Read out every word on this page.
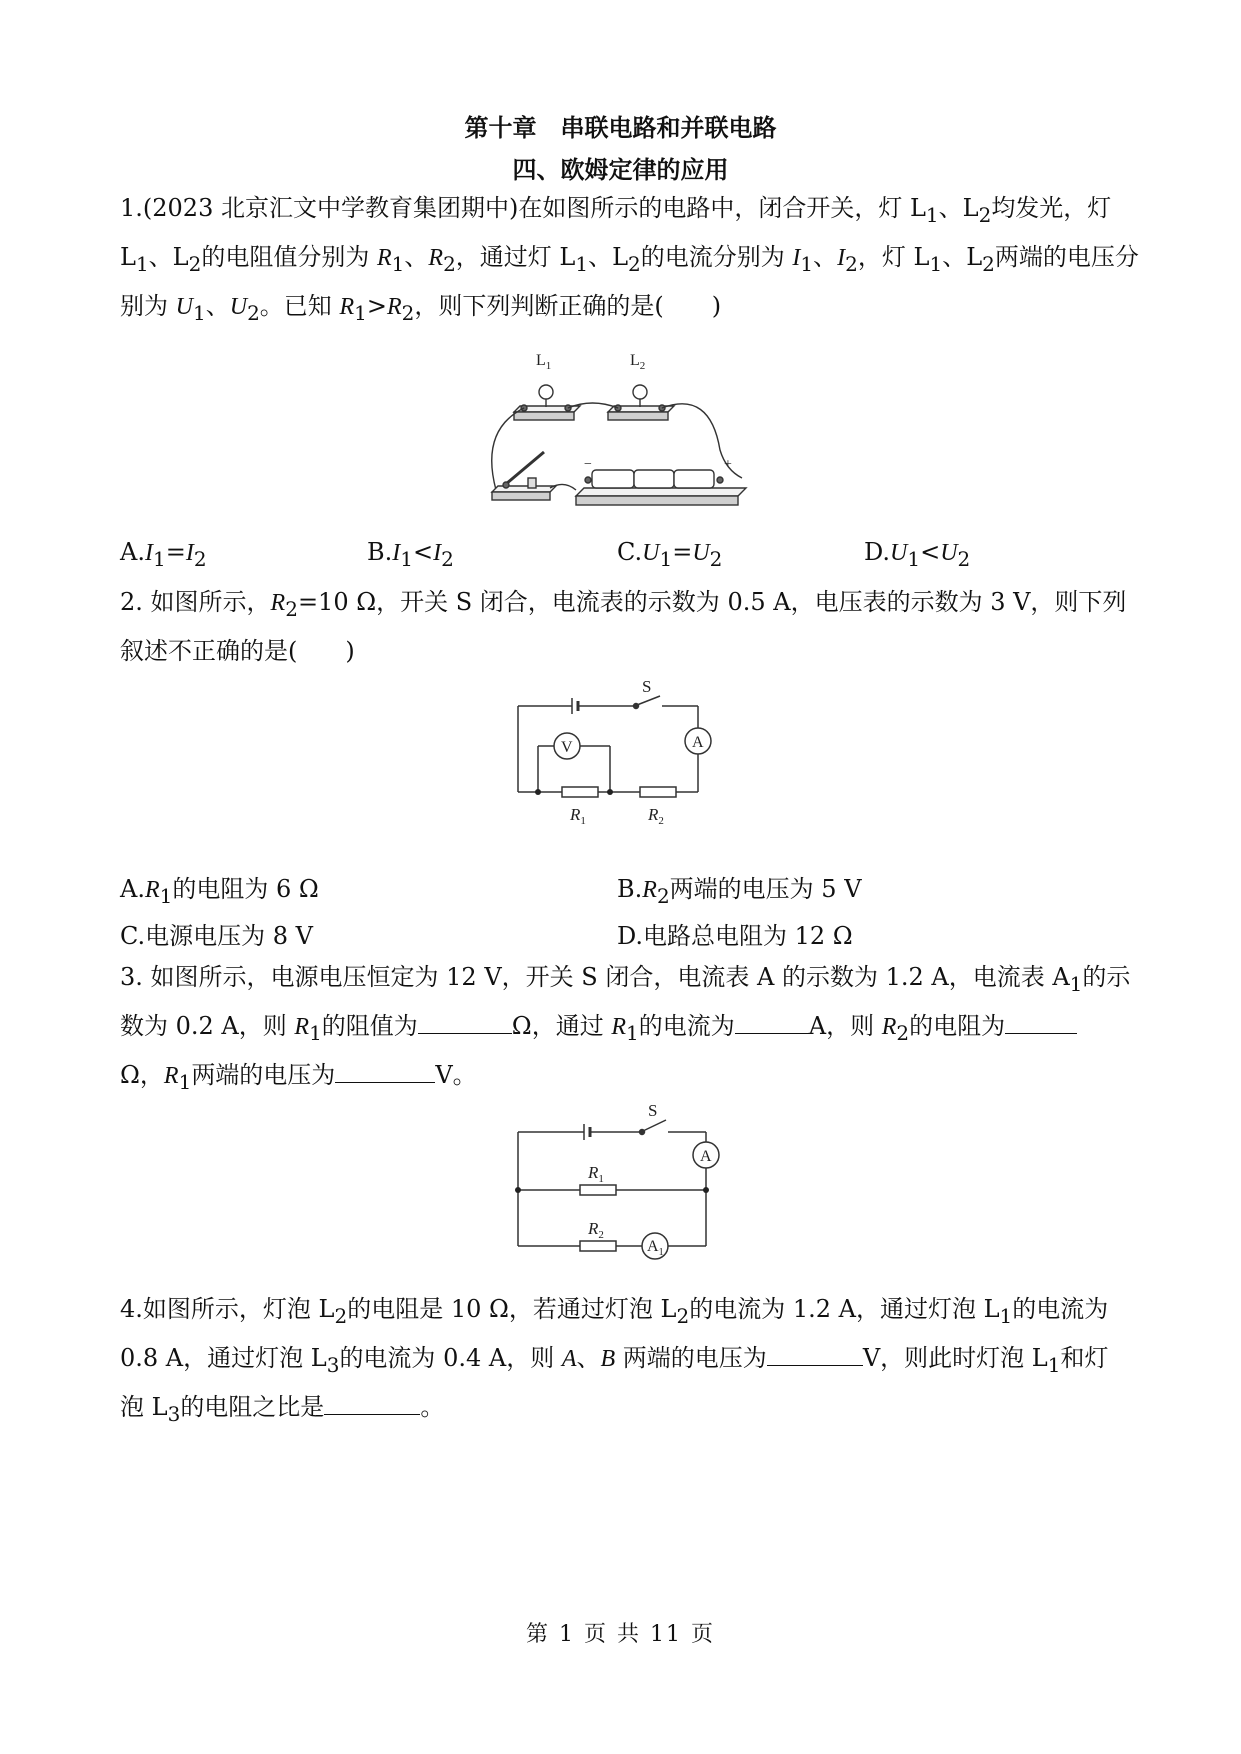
第十章　串联电路和并联电路
四、欧姆定律的应用
1.(2023 北京汇文中学教育集团期中)在如图所示的电路中，闭合开关，灯 $L_1$、$L_2$均发光，灯
$L_1$、$L_2$的电阻值分别为 $R_1$、$R_2$，通过灯 $L_1$、$L_2$的电流分别为 $I_1$、$I_2$，灯 $L_1$、$L_2$两端的电压分
别为 $U_1$、$U_2$。已知 $R_1>R_2$，则下列判断正确的是(　　)
$L_1$	$L_2$
−	+
$A.I_1=I_2$	$B.I_1<I_2$	$C.U_1=U_2$	$D.U_1<U_2$
2. 如图所示，$R_2=10$ Ω，开关 S 闭合，电流表的示数为 0.5 A，电压表的示数为 3 V，则下列
叙述不正确的是(　　)
S
V	A
$R_1$	$R_2$
$A.R_1$的电阻为 6 Ω	$B.R_2$两端的电压为 5 V
C.电源电压为 8 V	D.电路总电阻为 12 Ω
3. 如图所示，电源电压恒定为 12 V，开关 S 闭合，电流表 A 的示数为 1.2 A，电流表 $A_1$的示
数为 0.2 A，则 $R_1$的阻值为	Ω，通过 $R_1$的电流为	A，则 $R_2$的电阻为
Ω，$R_1$两端的电压为	V。
S
A
$A_1$
$R_1$
$R_2$
4.如图所示，灯泡 $L_2$的电阻是 10 Ω，若通过灯泡 $L_2$的电流为 1.2 A，通过灯泡 $L_1$的电流为
0.8 A，通过灯泡 $L_3$的电流为 0.4 A，则 A、B 两端的电压为	V，则此时灯泡 $L_1$和灯
泡 $L_3$的电阻之比是	。
第 1 页 共 11 页
